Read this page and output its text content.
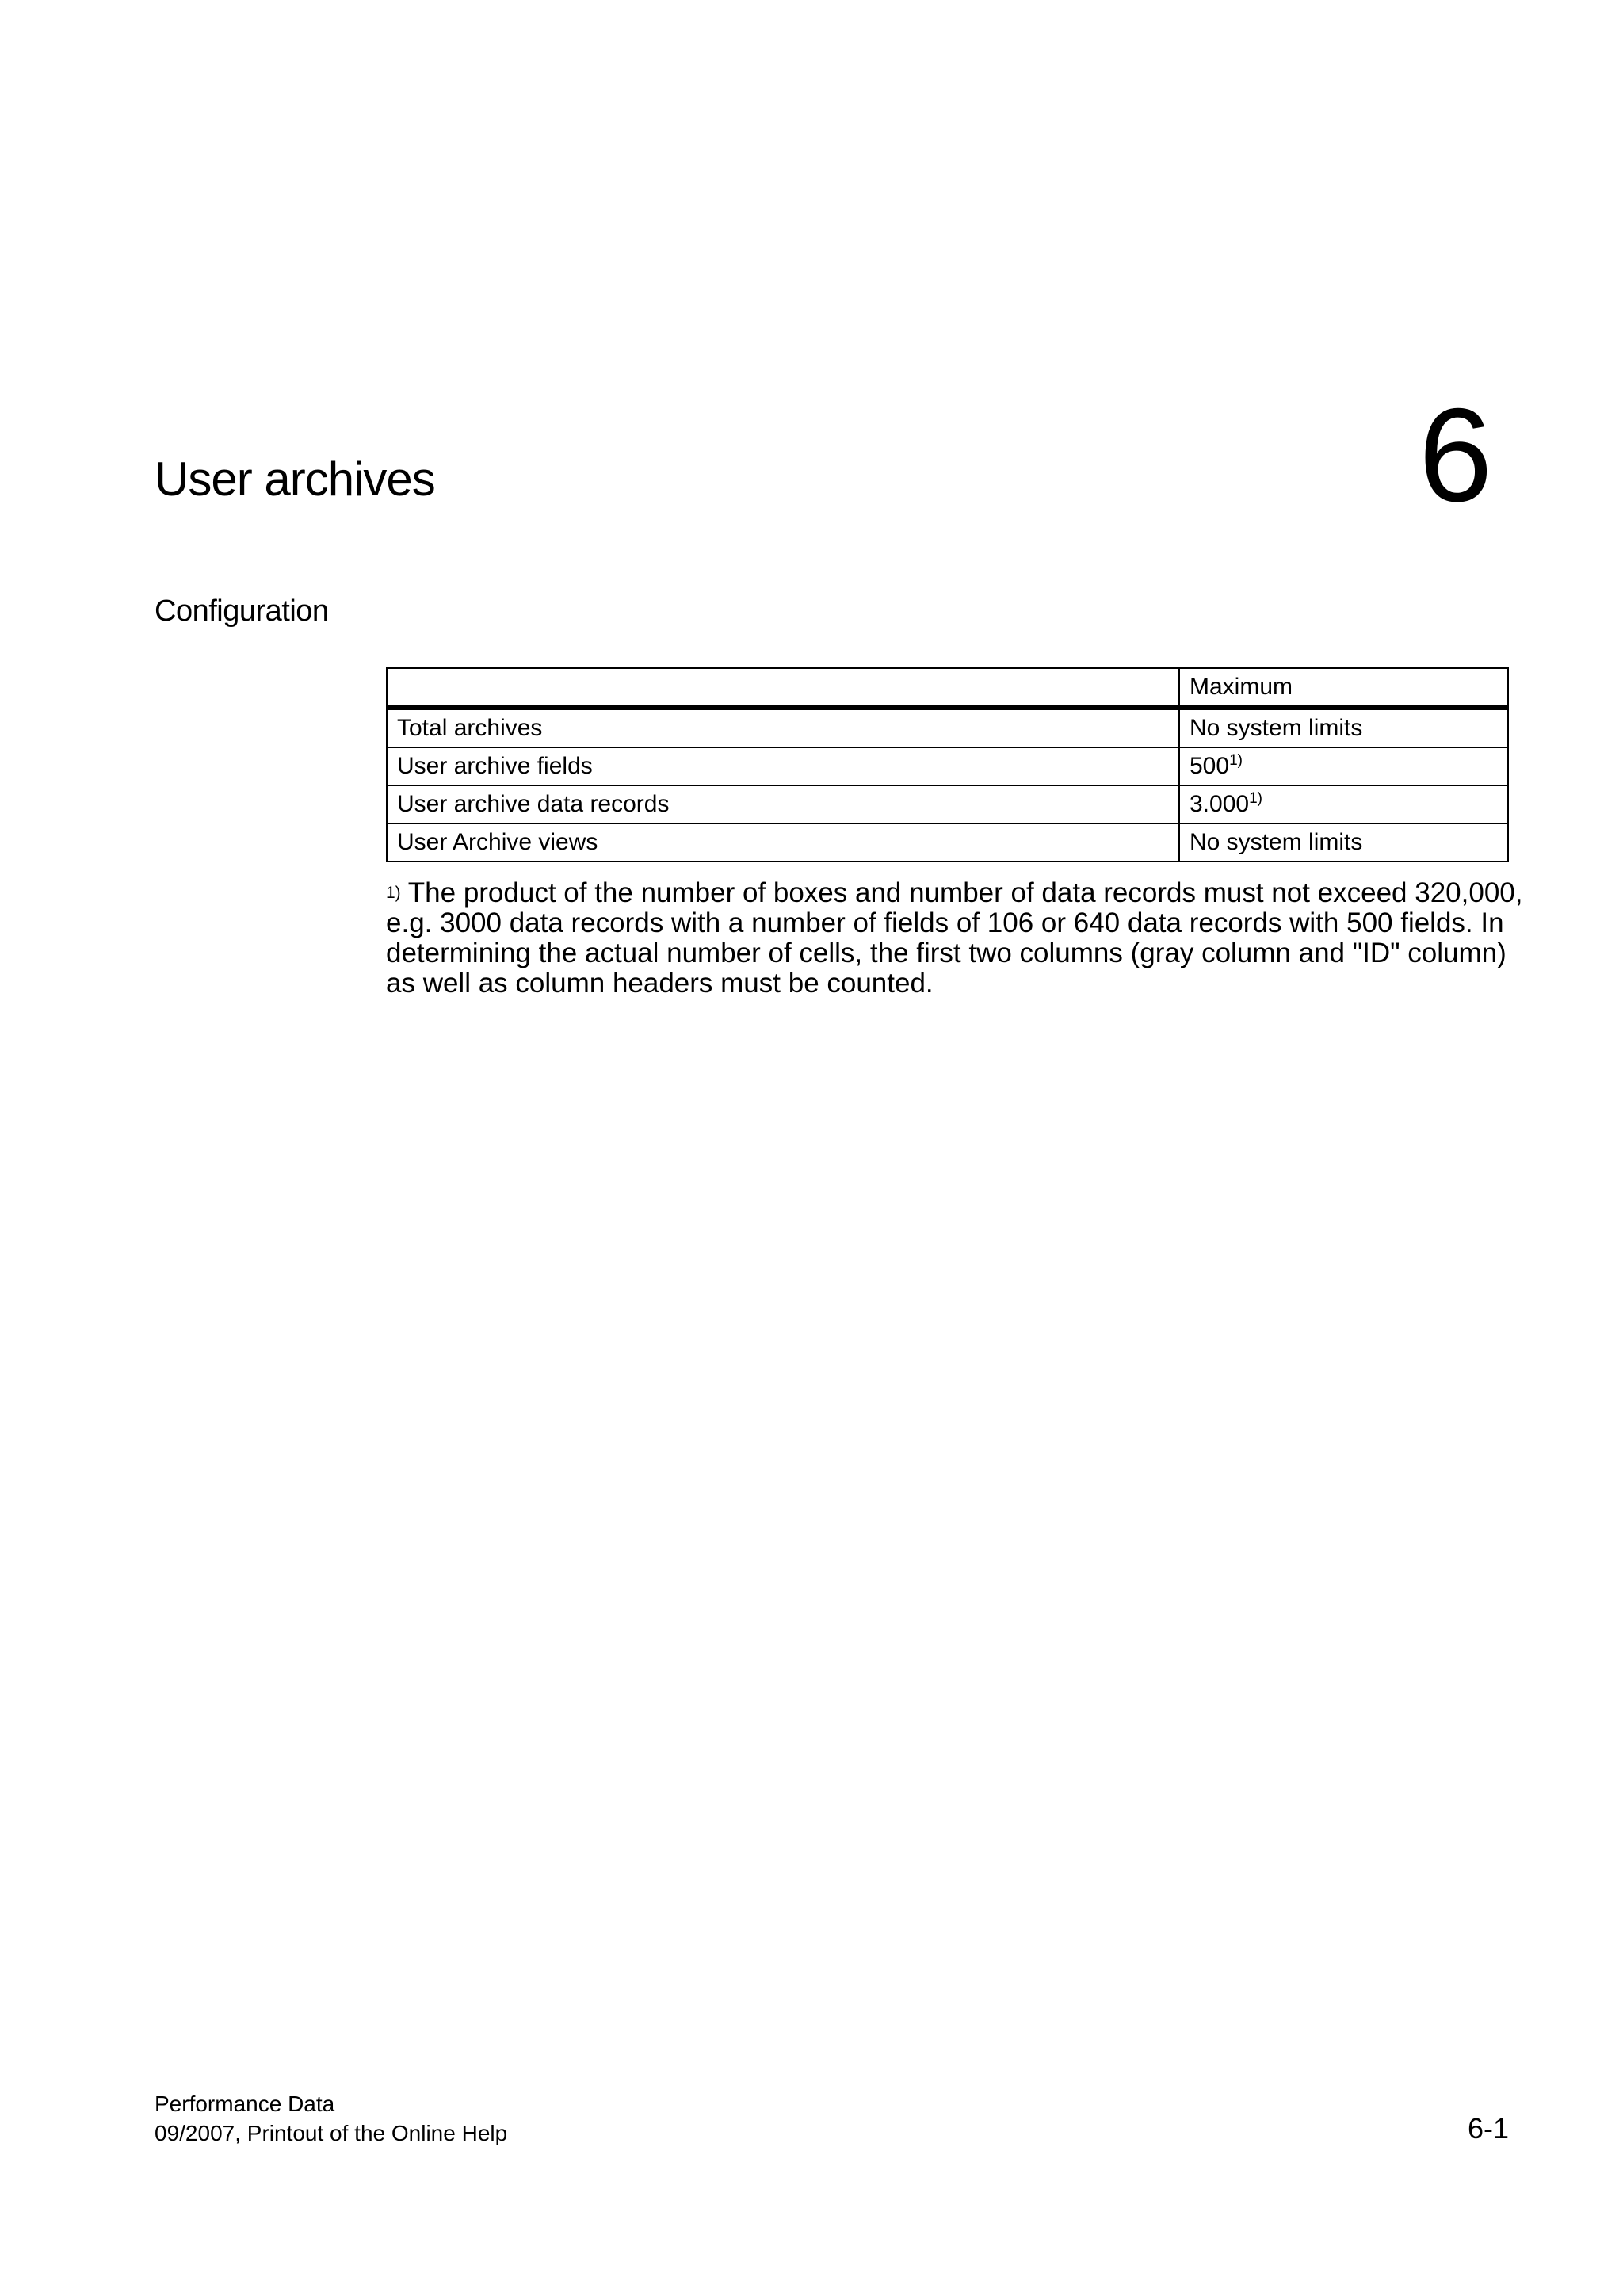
User archives	6
Configuration
	Maximum
Total archives	No system limits
User archive fields	500$^{1)}$
User archive data records	3.000$^{1)}$
User Archive views	No system limits
$^{1)}$ The product of the number of boxes and number of data records must not exceed 320,000, e.g. 3000 data records with a number of fields of 106 or 640 data records with 500 fields. In determining the actual number of cells, the first two columns (gray column and "ID" column) as well as column headers must be counted.
Performance Data
09/2007, Printout of the Online Help	6-1
